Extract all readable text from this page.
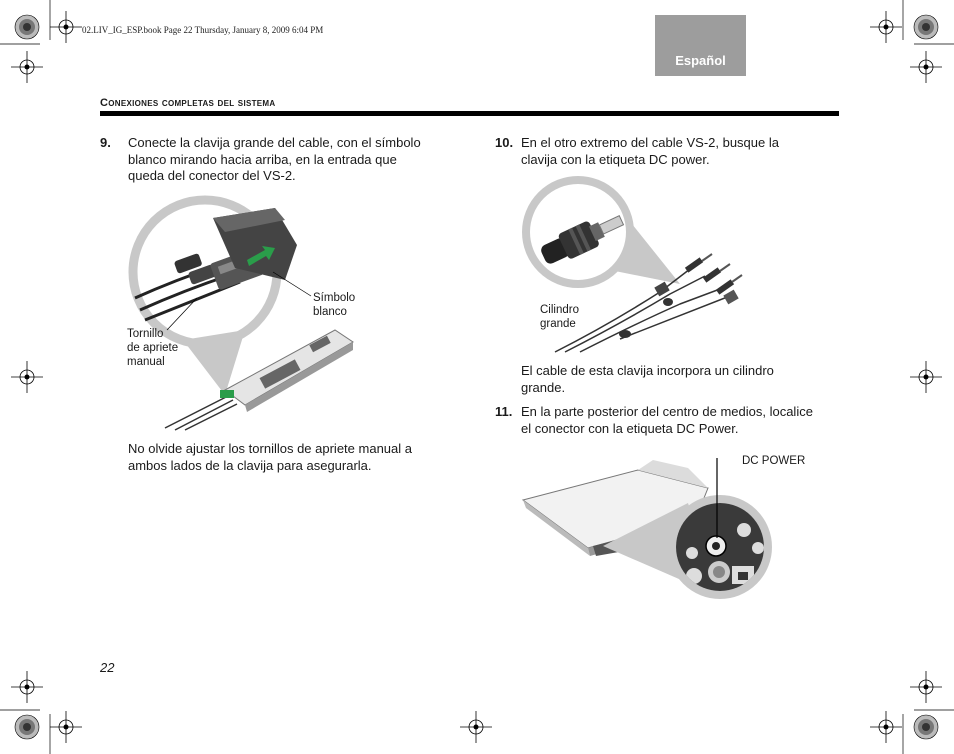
02.LIV_IG_ESP.book Page 22 Thursday, January 8, 2009 6:04 PM
Español
Conexiones completas del sistema
9. Conecte la clavija grande del cable, con el símbolo
blanco mirando hacia arriba, en la entrada que
queda del conector del VS-2.
Tornillo
de apriete
manual
Símbolo
blanco
No olvide ajustar los tornillos de apriete manual a
ambos lados de la clavija para asegurarla.
10. En el otro extremo del cable VS-2, busque la
clavija con la etiqueta DC power.
Cilindro
grande
El cable de esta clavija incorpora un cilindro
grande.
11. En la parte posterior del centro de medios, localice
el conector con la etiqueta DC Power.
DC POWER
22
